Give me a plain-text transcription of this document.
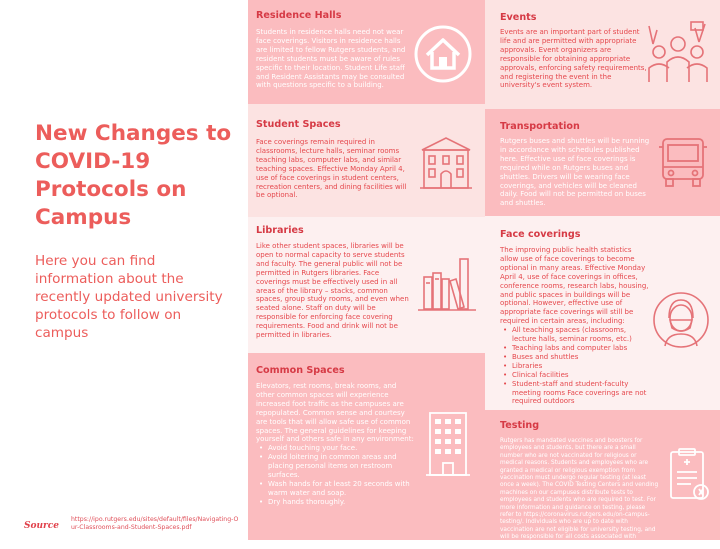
New Changes to COVID-19 Protocols on Campus

Here you can find information about the recently updated university protocols to follow on campus

Source
https://ipo.rutgers.edu/sites/default/files/Navigating-Our-Classrooms-and-Student-Spaces.pdf
Residence Halls

Students in residence halls need not wear face coverings. Visitors in residence halls are limited to fellow Rutgers students, and resident students must be aware of rules specific to their location. Student Life staff and Resident Assistants may be consulted with questions specific to a building.

Student Spaces

Face coverings remain required in classrooms, lecture halls, seminar rooms teaching labs, computer labs, and similar teaching spaces. Effective Monday April 4, use of face coverings in student centers, recreation centers, and dining facilities will be optional.

Libraries

Like other student spaces, libraries will be open to normal capacity to serve students and faculty. The general public will not be permitted in Rutgers libraries. Face coverings must be effectively used in all areas of the library – stacks, common spaces, group study rooms, and even when seated alone. Staff on duty will be responsible for enforcing face covering requirements. Food and drink will not be permitted in libraries.

Common Spaces

Elevators, rest rooms, break rooms, and other common spaces will experience increased foot traffic as the campuses are repopulated. Common sense and courtesy are tools that will allow safe use of common spaces. The general guidelines for keeping yourself and others safe in any environment:

• Avoid touching your face.
• Avoid loitering in common areas and placing personal items on restroom surfaces.
• Wash hands for at least 20 seconds with warm water and soap.
• Dry hands thoroughly.
Events

Events are an important part of student life and are permitted with appropriate approvals. Event organizers are responsible for obtaining appropriate approvals, enforcing safety requirements, and registering the event in the university's event system.

Transportation

Rutgers buses and shuttles will be running in accordance with schedules published here. Effective use of face coverings is required while on Rutgers buses and shuttles. Drivers will be wearing face coverings, and vehicles will be cleaned daily. Food will not be permitted on buses and shuttles.

Face coverings

The improving public health statistics allow use of face coverings to become optional in many areas. Effective Monday April 4, use of face coverings in offices, conference rooms, research labs, housing, and public spaces in buildings will be optional. However, effective use of appropriate face coverings will still be required in certain areas, including:

• All teaching spaces (classrooms, lecture halls, seminar rooms, etc.)
• Teaching labs and computer labs
• Buses and shuttles
• Libraries
• Clinical facilities
• Student-staff and student-faculty meeting rooms Face coverings are not required outdoors
Testing

Rutgers has mandated vaccines and boosters for employees and students, but there are a small number who are not vaccinated for religious or medical reasons. Students and employees who are granted a medical or religious exemption from vaccination must undergo regular testing (at least once a week). The COVID Testing Centers and vending machines on our campuses distribute tests to employees and students who are required to test. For more information and guidance on testing, please refer to https://coronavirus.rutgers.edu/on-campus-testing/. Individuals who are up to date with vaccination are not eligible for university testing, and will be responsible for all costs associated with unauthorized testing and subject to disciplinary action.
